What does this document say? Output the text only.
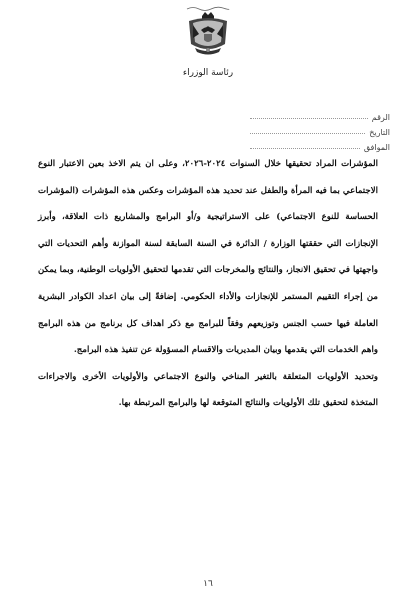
رئاسة الوزراء
الرقم
التاريخ
الموافق

المؤشرات المراد تحقيقها خلال السنوات ٢٠٢٤-٢٠٢٦، وعلى ان يتم الاخذ بعين الاعتبار النوع الاجتماعي بما فيه المرأة والطفل عند تحديد هذه المؤشرات وعكس هذه المؤشرات (المؤشرات الحساسة للنوع الاجتماعي) على الاستراتيجية و/أو البرامج والمشاريع ذات العلاقة، وأبرز الإنجازات التي حققتها الوزارة / الدائرة في السنة السابقة لسنة الموازنة وأهم التحديات التي واجهتها في تحقيق الانجاز، والنتائج والمخرجات التي تقدمها لتحقيق الأولويات الوطنية، وبما يمكن من إجراء التقييم المستمر للإنجازات والأداء الحكومي. إضافةً إلى بيان اعداد الكوادر البشرية العاملة فيها حسب الجنس وتوزيعهم وفقاً للبرامج مع ذكر اهداف كل برنامج من هذه البرامج واهم الخدمات التي يقدمها وبيان المديريات والاقسام المسؤولة عن تنفيذ هذه البرامج.

وتحديد الأولويات المتعلقة بالتغير المناخي والنوع الاجتماعي والأولويات الأخرى والاجراءات المتخذة لتحقيق تلك الأولويات والنتائج المتوقعة لها والبرامج المرتبطة بها.

١٦
